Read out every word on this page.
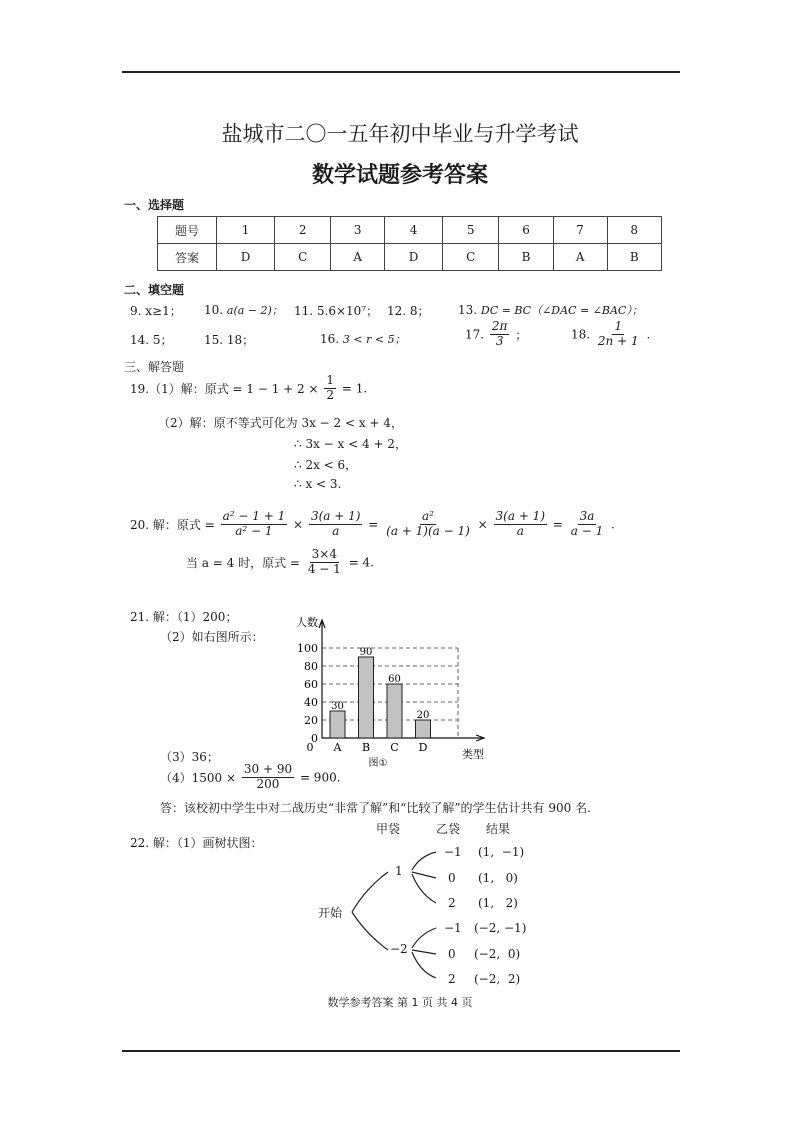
盐城市二〇一五年初中毕业与升学考试
数学试题参考答案
一、选择题
题号	1	2	3	4	5	6	7	8
答案	D	C	A	D	C	B	A	B
二、填空题
9. x≥1； 10. a(a − 2)； 11. 5.6×10⁷； 12. 8； 13. DC = BC（∠DAC = ∠BAC）；
14. 5；	15. 18；	16. 3 < r < 5；	17. $\frac{2\pi}{3}$ ；	18. $\frac{1}{2n + 1}$ .
三、解答题
19.（1）解：原式 = $1 - 1 + 2 \times \frac{1}{2} = 1$.
（2）解：原不等式可化为 3x − 2 < x + 4，
∴ 3x − x < 4 + 2，
∴ 2x < 6，
∴ x < 3.
20. 解：原式 = $\frac{\text{a² − 1 + 1}}{\text{a² − 1}} \times \frac{3(a + 1)}{a} = \frac{\text{a²}}{(a + 1)(a - 1)} \times \frac{3(a + 1)}{a} = \frac{3a}{a - 1}$ .
当 a = 4 时，原式 = $\frac{3\times 4}{4 - 1} = 4$.
21. 解：（1）200；
（2）如右图所示：
0
20
40
60
80
100
人数
类型
30
A
90
B
60
C
20
D
0
图①
（3）36；
$(4)1500 \times \frac{30 + 90}{200} = 900$.
答：该校初中学生中对二战历史“非常了解”和“比较了解”的学生估计共有 900 名.
甲袋	乙袋 结果
22. 解：（1）画树状图：
开始
1
−2
−1
0
2
−1
0
2
(1,  −1)
(1,   0)
(1,   2)
(−2, −1)
(−2,  0)
(−2,  2)
数学参考答案 第 1 页 共 4 页
